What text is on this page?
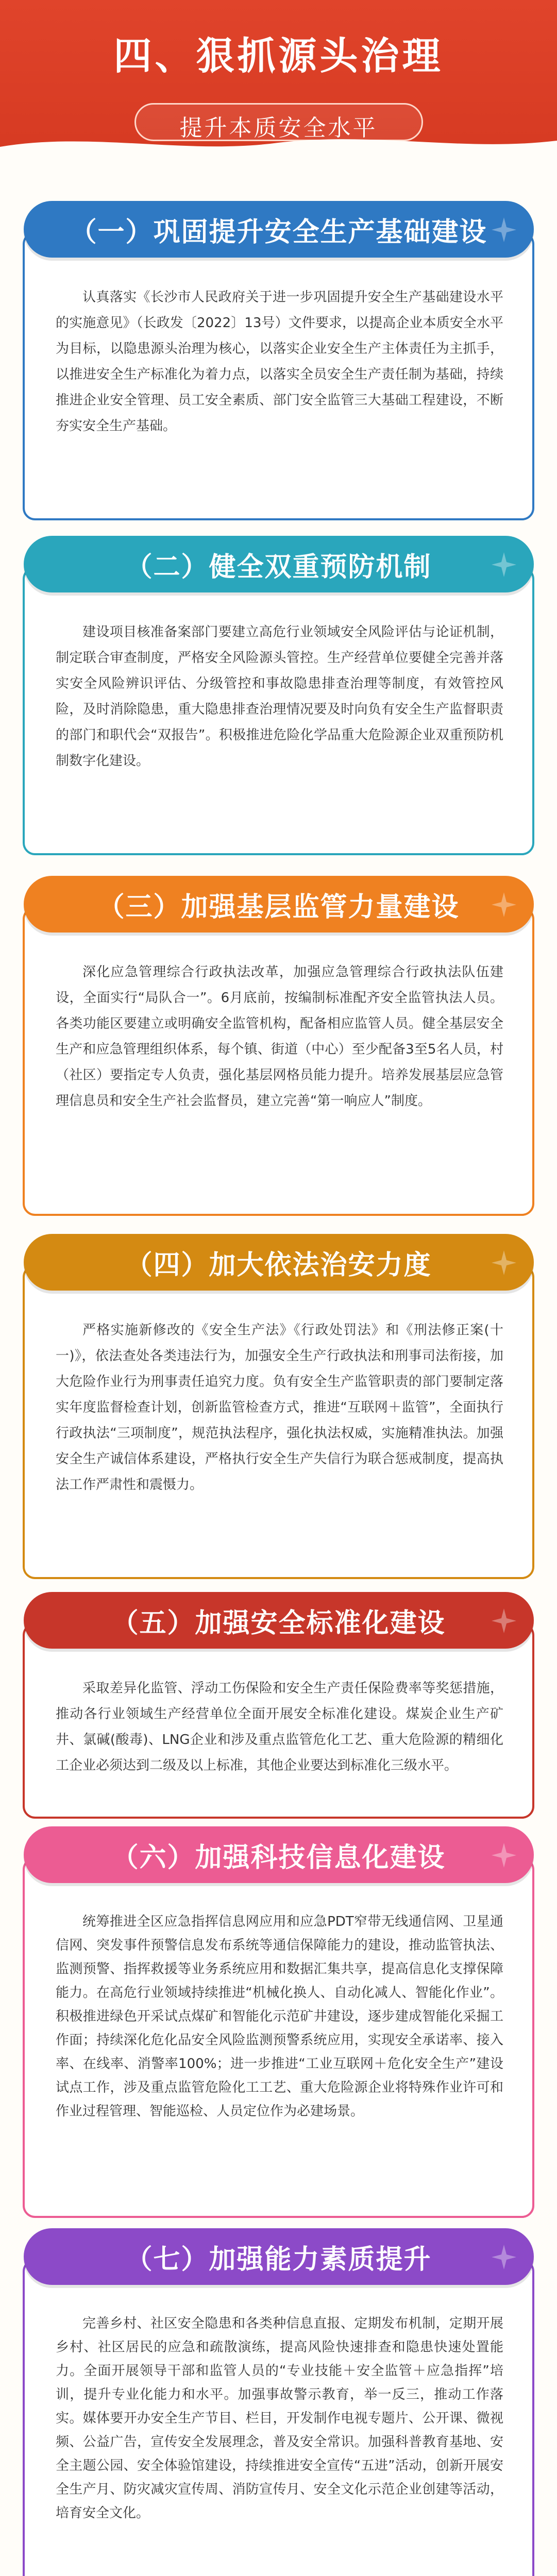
四、狠抓源头治理
提升本质安全水平
认真落实《长沙市人民政府关于进一步巩固提升安全生产基础建设水平的实施意见》（长政发〔2022〕13号）文件要求，以提高企业本质安全水平为目标，以隐患源头治理为核心，以落实企业安全生产主体责任为主抓手，以推进安全生产标准化为着力点，以落实全员安全生产责任制为基础，持续推进企业安全管理、员工安全素质、部门安全监管三大基础工程建设，不断夯实安全生产基础。
（一）巩固提升安全生产基础建设
建设项目核准备案部门要建立高危行业领域安全风险评估与论证机制，制定联合审查制度，严格安全风险源头管控。生产经营单位要健全完善并落实安全风险辨识评估、分级管控和事故隐患排查治理等制度，有效管控风险，及时消除隐患，重大隐患排查治理情况要及时向负有安全生产监督职责的部门和职代会“双报告”。积极推进危险化学品重大危险源企业双重预防机制数字化建设。
（二）健全双重预防机制
深化应急管理综合行政执法改革，加强应急管理综合行政执法队伍建设，全面实行“局队合一”。6月底前，按编制标准配齐安全监管执法人员。各类功能区要建立或明确安全监管机构，配备相应监管人员。健全基层安全生产和应急管理组织体系，每个镇、街道（中心）至少配备3至5名人员，村（社区）要指定专人负责，强化基层网格员能力提升。培养发展基层应急管理信息员和安全生产社会监督员，建立完善“第一响应人”制度。
（三）加强基层监管力量建设
严格实施新修改的《安全生产法》《行政处罚法》和《刑法修正案(十一)》，依法查处各类违法行为，加强安全生产行政执法和刑事司法衔接，加大危险作业行为刑事责任追究力度。负有安全生产监管职责的部门要制定落实年度监督检查计划，创新监管检查方式，推进“互联网＋监管”，全面执行行政执法“三项制度”，规范执法程序，强化执法权威，实施精准执法。加强安全生产诚信体系建设，严格执行安全生产失信行为联合惩戒制度，提高执法工作严肃性和震慑力。
（四）加大依法治安力度
采取差异化监管、浮动工伤保险和安全生产责任保险费率等奖惩措施，推动各行业领域生产经营单位全面开展安全标准化建设。煤炭企业生产矿井、氯碱(酸毒)、LNG企业和涉及重点监管危化工艺、重大危险源的精细化工企业必须达到二级及以上标准，其他企业要达到标准化三级水平。
（五）加强安全标准化建设
统筹推进全区应急指挥信息网应用和应急PDT窄带无线通信网、卫星通信网、突发事件预警信息发布系统等通信保障能力的建设，推动监管执法、监测预警、指挥救援等业务系统应用和数据汇集共享，提高信息化支撑保障能力。在高危行业领域持续推进“机械化换人、自动化减人、智能化作业”。积极推进绿色开采试点煤矿和智能化示范矿井建设，逐步建成智能化采掘工作面；持续深化危化品安全风险监测预警系统应用，实现安全承诺率、接入率、在线率、消警率100%；进一步推进“工业互联网＋危化安全生产”建设试点工作，涉及重点监管危险化工工艺、重大危险源企业将特殊作业许可和作业过程管理、智能巡检、人员定位作为必建场景。
（六）加强科技信息化建设
完善乡村、社区安全隐患和各类种信息直报、定期发布机制，定期开展乡村、社区居民的应急和疏散演练，提高风险快速排查和隐患快速处置能力。全面开展领导干部和监管人员的“专业技能＋安全监管＋应急指挥”培训，提升专业化能力和水平。加强事故警示教育，举一反三，推动工作落实。媒体要开办安全生产节目、栏目，开发制作电视专题片、公开课、微视频、公益广告，宣传安全发展理念，普及安全常识。加强科普教育基地、安全主题公园、安全体验馆建设，持续推进安全宣传“五进”活动，创新开展安全生产月、防灾减灾宣传周、消防宣传月、安全文化示范企业创建等活动，培育安全文化。
（七）加强能力素质提升
